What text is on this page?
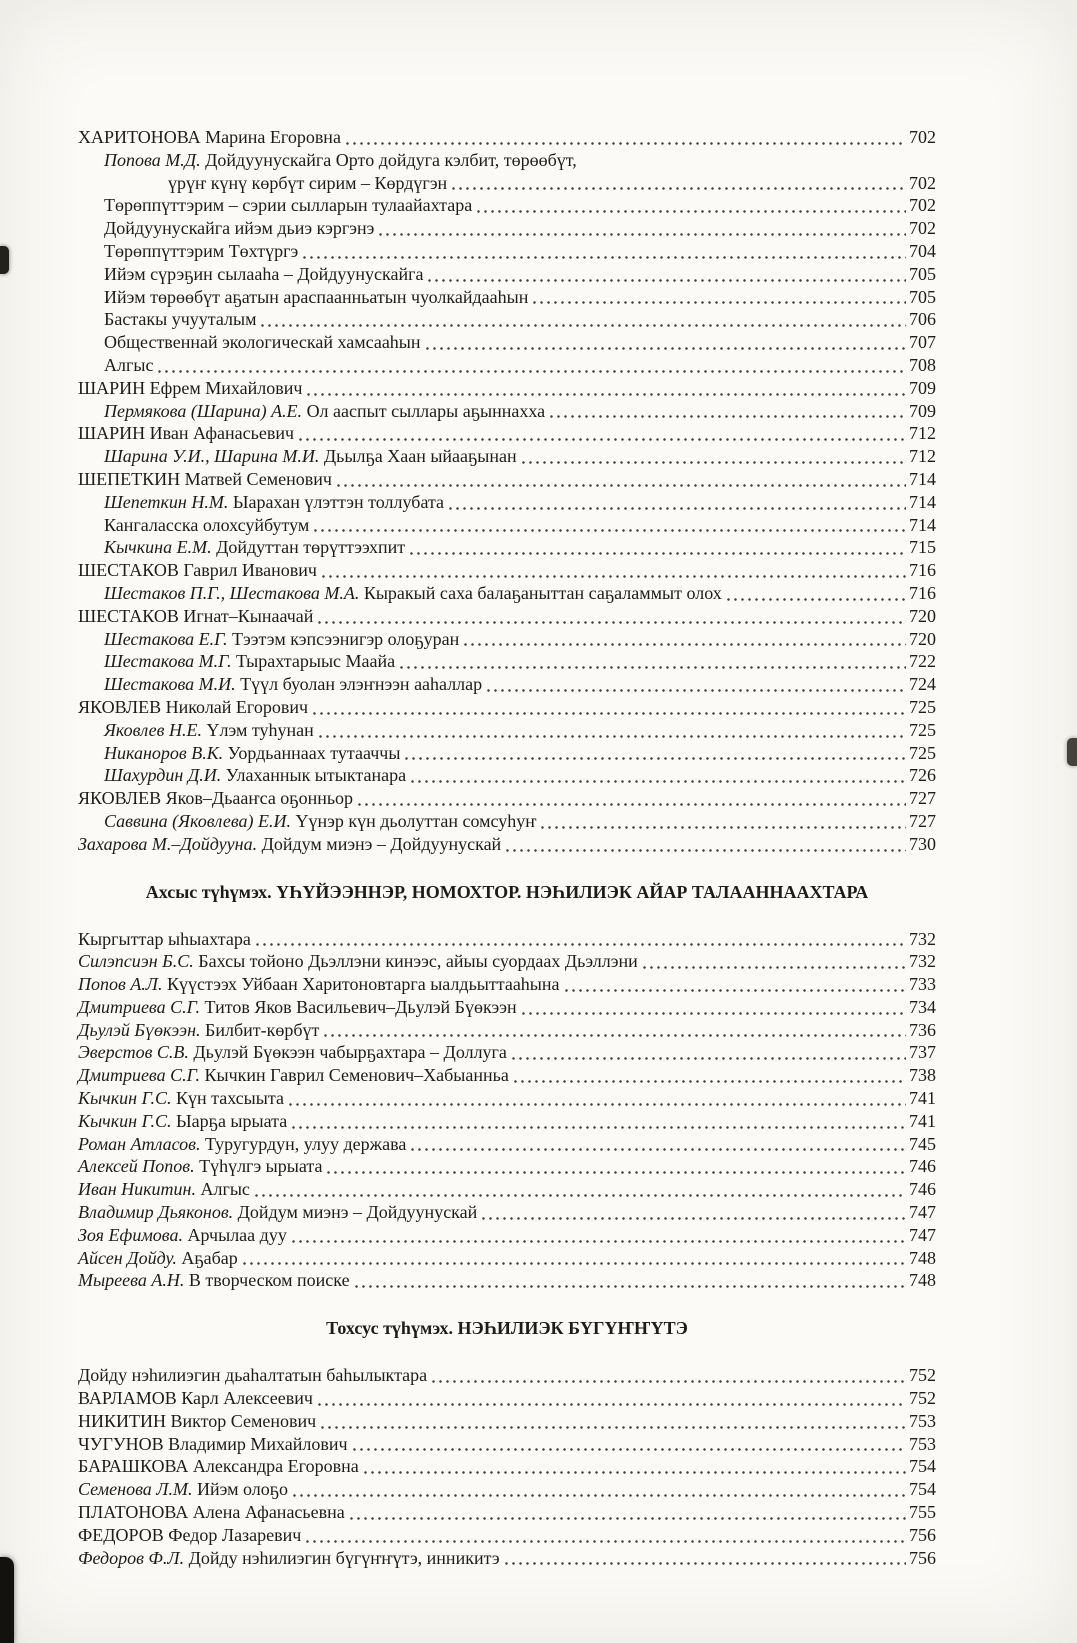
ХАРИТОНОВА Марина Егоровна	702
Попова М.Д. Дойдуунускайга Орто дойдуга кэлбит, төрөөбүт,
үрүҥ күнү көрбүт сирим – Көрдүгэн	702
Төрөппүттэрим – сэрии сылларын тулаайахтара	702
Дойдуунускайга ийэм дьиэ кэргэнэ	702
Төрөппүттэрим Төхтүргэ	704
Ийэм сүрэҕин сылааһа – Дойдуунускайга	705
Ийэм төрөөбүт аҕатын араспаанньатын чуолкайдааһын	705
Бастакы учууталым	706
Общественнай экологическай хамсааһын	707
Алгыс	708
ШАРИН Ефрем Михайлович	709
Пермякова (Шарина) А.Е. Ол ааспыт сыллары аҕыннахха	709
ШАРИН Иван Афанасьевич	712
Шарина У.И., Шарина М.И. Дьылҕа Хаан ыйааҕынан	712
ШЕПЕТКИН Матвей Семенович	714
Шепеткин Н.М. Ыарахан үлэттэн толлубата	714
Кангаласска олохсуйбутум	714
Кычкина Е.М. Дойдуттан төрүттээхпит	715
ШЕСТАКОВ Гаврил Иванович	716
Шестаков П.Г., Шестакова М.А. Кыракый саха балаҕаныттан саҕаламмыт олох	716
ШЕСТАКОВ Игнат–Кынаачай	720
Шестакова Е.Г. Тээтэм кэпсээнигэр олоҕуран	720
Шестакова М.Г. Тырахтарыыс Маайа	722
Шестакова М.И. Түүл буолан элэҥнээн ааһаллар	724
ЯКОВЛЕВ Николай Егорович	725
Яковлев Н.Е. Үлэм туһунан	725
Никаноров В.К. Уордьаннаах тутааччы	725
Шахурдин Д.И. Улаханнык ытыктанара	726
ЯКОВЛЕВ Яков–Дьааҥса оҕонньор	727
Саввина (Яковлева) Е.И. Үүнэр күн дьолуттан сомсуһуҥ	727
Захарова М.–Дойдууна. Дойдум миэнэ – Дойдуунускай	730
Ахсыс түһүмэх. ҮҺҮЙЭЭННЭР, НОМОХТОР. НЭҺИЛИЭК АЙАР ТАЛААННААХТАРА
Кыргыттар ыһыахтара	732
Силэпсиэн Б.С. Бахсы тойоно Дьэллэни кинээс, айыы суордаах Дьэллэни	732
Попов А.Л. Күүстээх Уйбаан Харитоновтарга ыалдьыттааһына	733
Дмитриева С.Г. Титов Яков Васильевич–Дьулэй Бүөкээн	734
Дьулэй Бүөкээн. Билбит-көрбүт	736
Эверстов С.В. Дьулэй Бүөкээн чабырҕахтара – Доллуга	737
Дмитриева С.Г. Кычкин Гаврил Семенович–Хабыанньа	738
Кычкин Г.С. Күн тахсыыта	741
Кычкин Г.С. Ыарҕа ырыата	741
Роман Атласов. Туругурдун, улуу держава	745
Алексей Попов. Түһүлгэ ырыата	746
Иван Никитин. Алгыс	746
Владимир Дьяконов. Дойдум миэнэ – Дойдуунускай	747
Зоя Ефимова. Арчылаа дуу	747
Айсен Дойду. Аҕабар	748
Мыреева А.Н. В творческом поиске	748
Тохсус түһүмэх. НЭҺИЛИЭК БҮГҮҤҤҮТЭ
Дойду нэһилиэгин дьаһалтатын баһылыктара	752
ВАРЛАМОВ Карл Алексеевич	752
НИКИТИН Виктор Семенович	753
ЧУГУНОВ Владимир Михайлович	753
БАРАШКОВА Александра Егоровна	754
Семенова Л.М. Ийэм олоҕо	754
ПЛАТОНОВА Алена Афанасьевна	755
ФЕДОРОВ Федор Лазаревич	756
Федоров Ф.Л. Дойду нэһилиэгин бүгүҥҥүтэ, инникитэ	756
